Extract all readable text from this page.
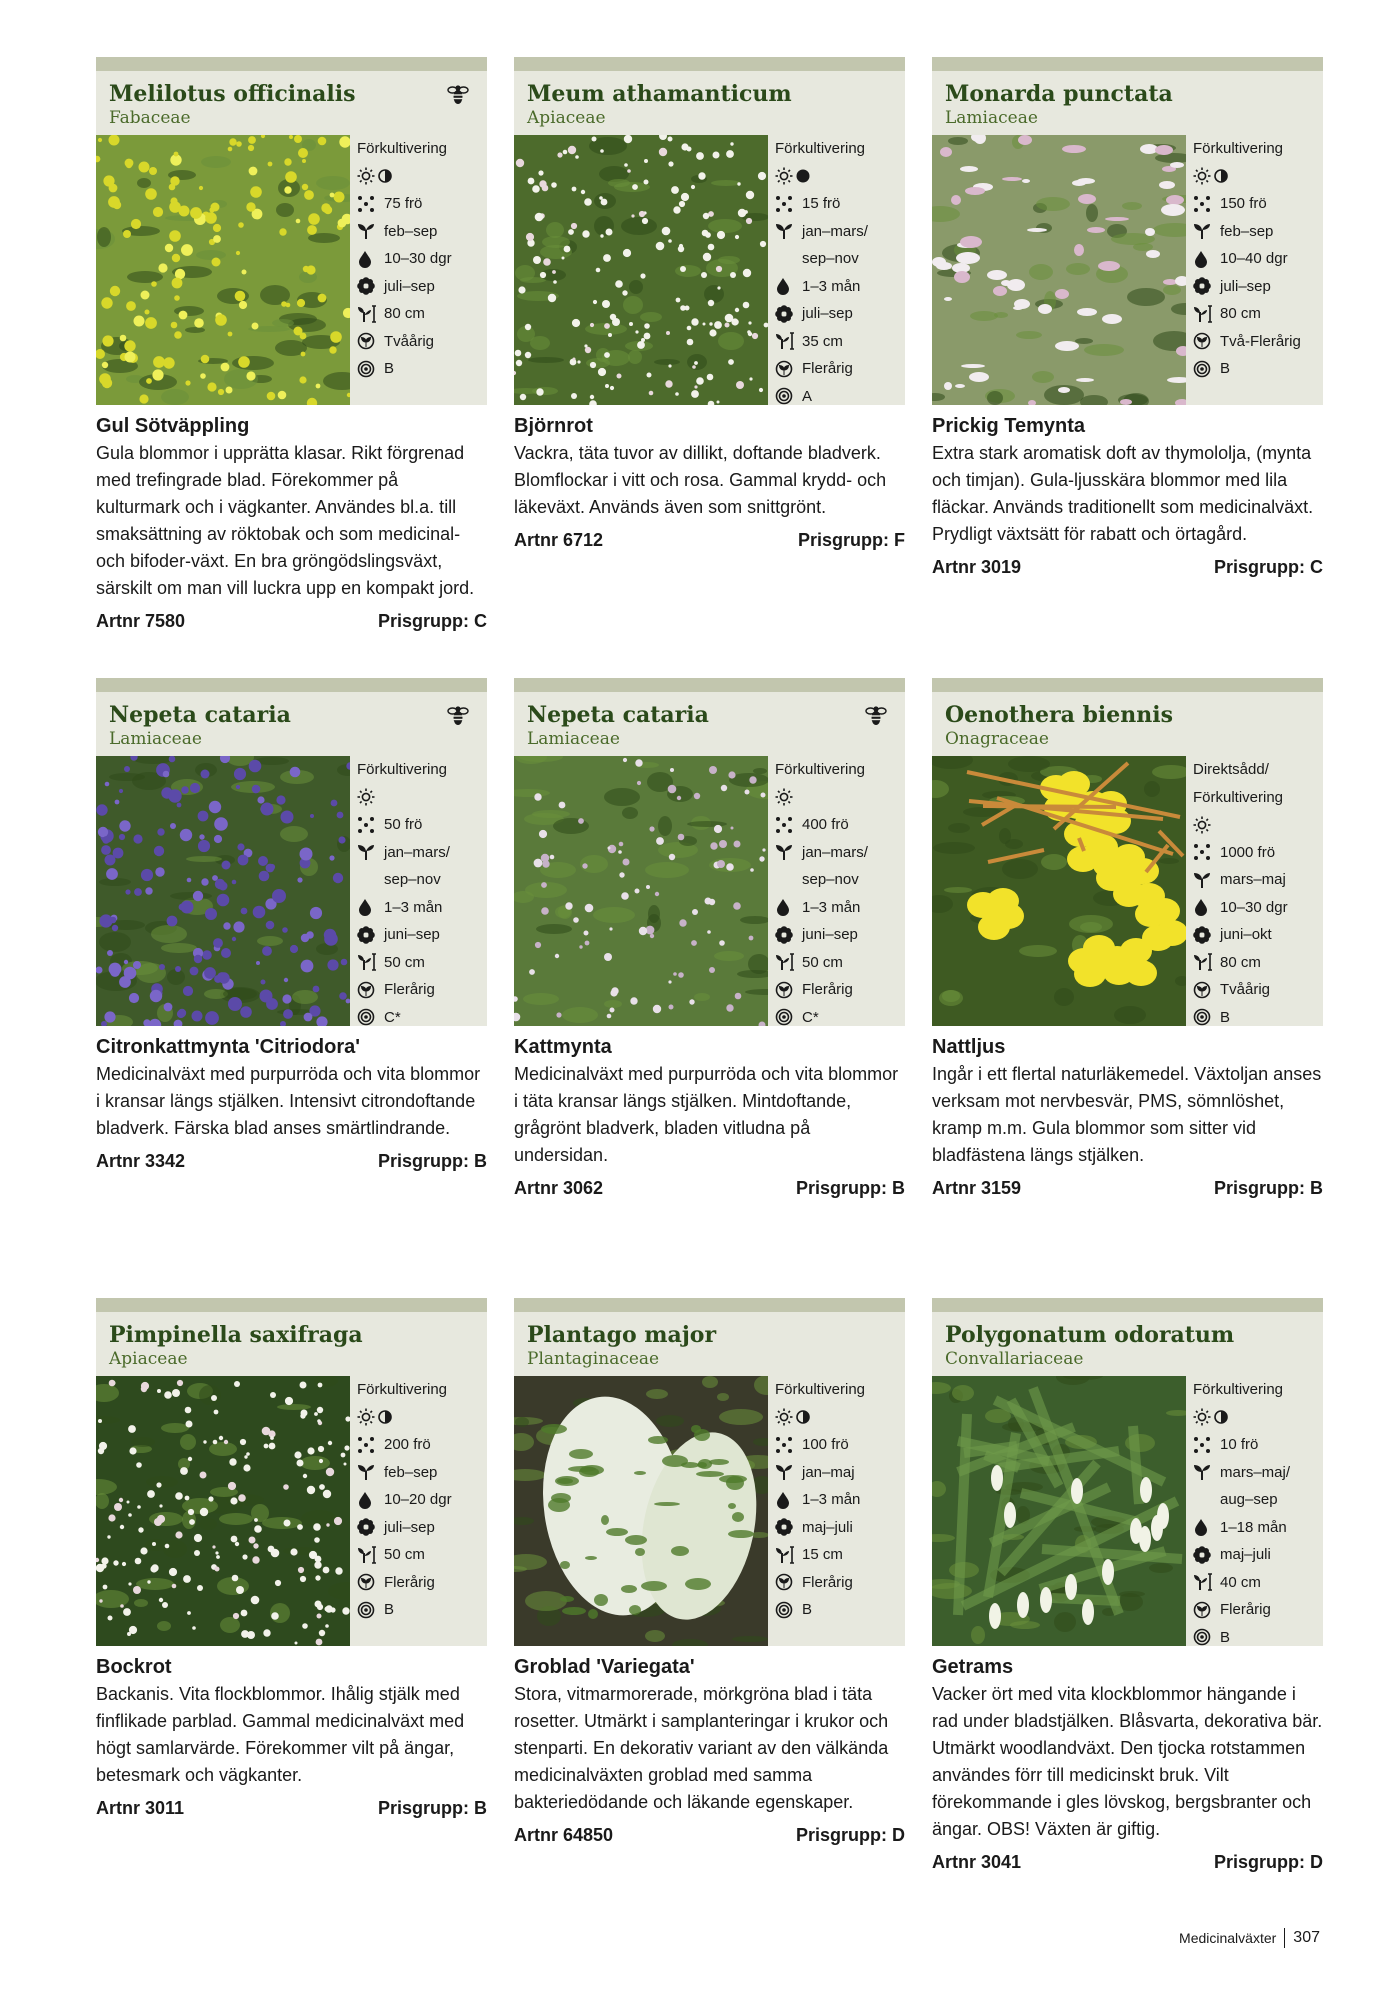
Melilotus officinalis
Fabaceae
Förkultivering
75 frö
feb–sep
10–30 dgr
juli–sep
80 cm
Tvåårig
B
Gul Sötväppling
Gula blommor i upprätta klasar. Rikt förgrenad med trefingrade blad. Förekommer på kulturmark och i vägkanter. Användes bl.a. till smaksättning av röktobak och som medicinal- och bifoder-växt. En bra gröngödslingsväxt, särskilt om man vill luckra upp en kompakt jord.
Artnr 7580	Prisgrupp: C
Meum athamanticum
Apiaceae
Förkultivering
15 frö
jan–mars/
sep–nov
1–3 mån
juli–sep
35 cm
Flerårig
A
Björnrot
Vackra, täta tuvor av dillikt, doftande bladverk. Blomflockar i vitt och rosa. Gammal krydd- och läkeväxt. Används även som snittgrönt.
Artnr 6712	Prisgrupp: F
Monarda punctata
Lamiaceae
Förkultivering
150 frö
feb–sep
10–40 dgr
juli–sep
80 cm
Två-Flerårig
B
Prickig Temynta
Extra stark aromatisk doft av thymololja, (mynta och timjan). Gula-ljusskära blommor med lila fläckar. Används traditionellt som medicinalväxt. Prydligt växtsätt för rabatt och örtagård.
Artnr 3019	Prisgrupp: C
Nepeta cataria
Lamiaceae
Förkultivering
50 frö
jan–mars/
sep–nov
1–3 mån
juni–sep
50 cm
Flerårig
C*
Citronkattmynta 'Citriodora'
Medicinalväxt med purpurröda och vita blommor i kransar längs stjälken. Intensivt citrondoftande bladverk. Färska blad anses smärtlindrande.
Artnr 3342	Prisgrupp: B
Nepeta cataria
Lamiaceae
Förkultivering
400 frö
jan–mars/
sep–nov
1–3 mån
juni–sep
50 cm
Flerårig
C*
Kattmynta
Medicinalväxt med purpurröda och vita blommor i täta kransar längs stjälken. Mintdoftande, grågrönt bladverk, bladen vitludna på undersidan.
Artnr 3062	Prisgrupp: B
Oenothera biennis
Onagraceae
Direktsådd/
Förkultivering
1000 frö
mars–maj
10–30 dgr
juni–okt
80 cm
Tvåårig
B
Nattljus
Ingår i ett flertal naturläkemedel. Växtoljan anses verksam mot nervbesvär, PMS, sömnlöshet, kramp m.m. Gula blommor som sitter vid bladfästena längs stjälken.
Artnr 3159	Prisgrupp: B
Pimpinella saxifraga
Apiaceae
Förkultivering
200 frö
feb–sep
10–20 dgr
juli–sep
50 cm
Flerårig
B
Bockrot
Backanis. Vita flockblommor. Ihålig stjälk med finflikade parblad. Gammal medicinalväxt med högt samlarvärde. Förekommer vilt på ängar, betesmark och vägkanter.
Artnr 3011	Prisgrupp: B
Plantago major
Plantaginaceae
Förkultivering
100 frö
jan–maj
1–3 mån
maj–juli
15 cm
Flerårig
B
Groblad 'Variegata'
Stora, vitmarmorerade, mörkgröna blad i täta rosetter. Utmärkt i samplanteringar i krukor och stenparti. En dekorativ variant av den välkända medicinalväxten groblad med samma bakteriedödande och läkande egenskaper.
Artnr 64850	Prisgrupp: D
Polygonatum odoratum
Convallariaceae
Förkultivering
10 frö
mars–maj/
aug–sep
1–18 mån
maj–juli
40 cm
Flerårig
B
Getrams
Vacker ört med vita klockblommor hängande i rad under bladstjälken. Blåsvarta, dekorativa bär. Utmärkt woodlandväxt. Den tjocka rotstammen användes förr till medicinskt bruk. Vilt förekommande i gles lövskog, bergsbranter och ängar. OBS! Växten är giftig.
Artnr 3041	Prisgrupp: D
Medicinalväxter 307
